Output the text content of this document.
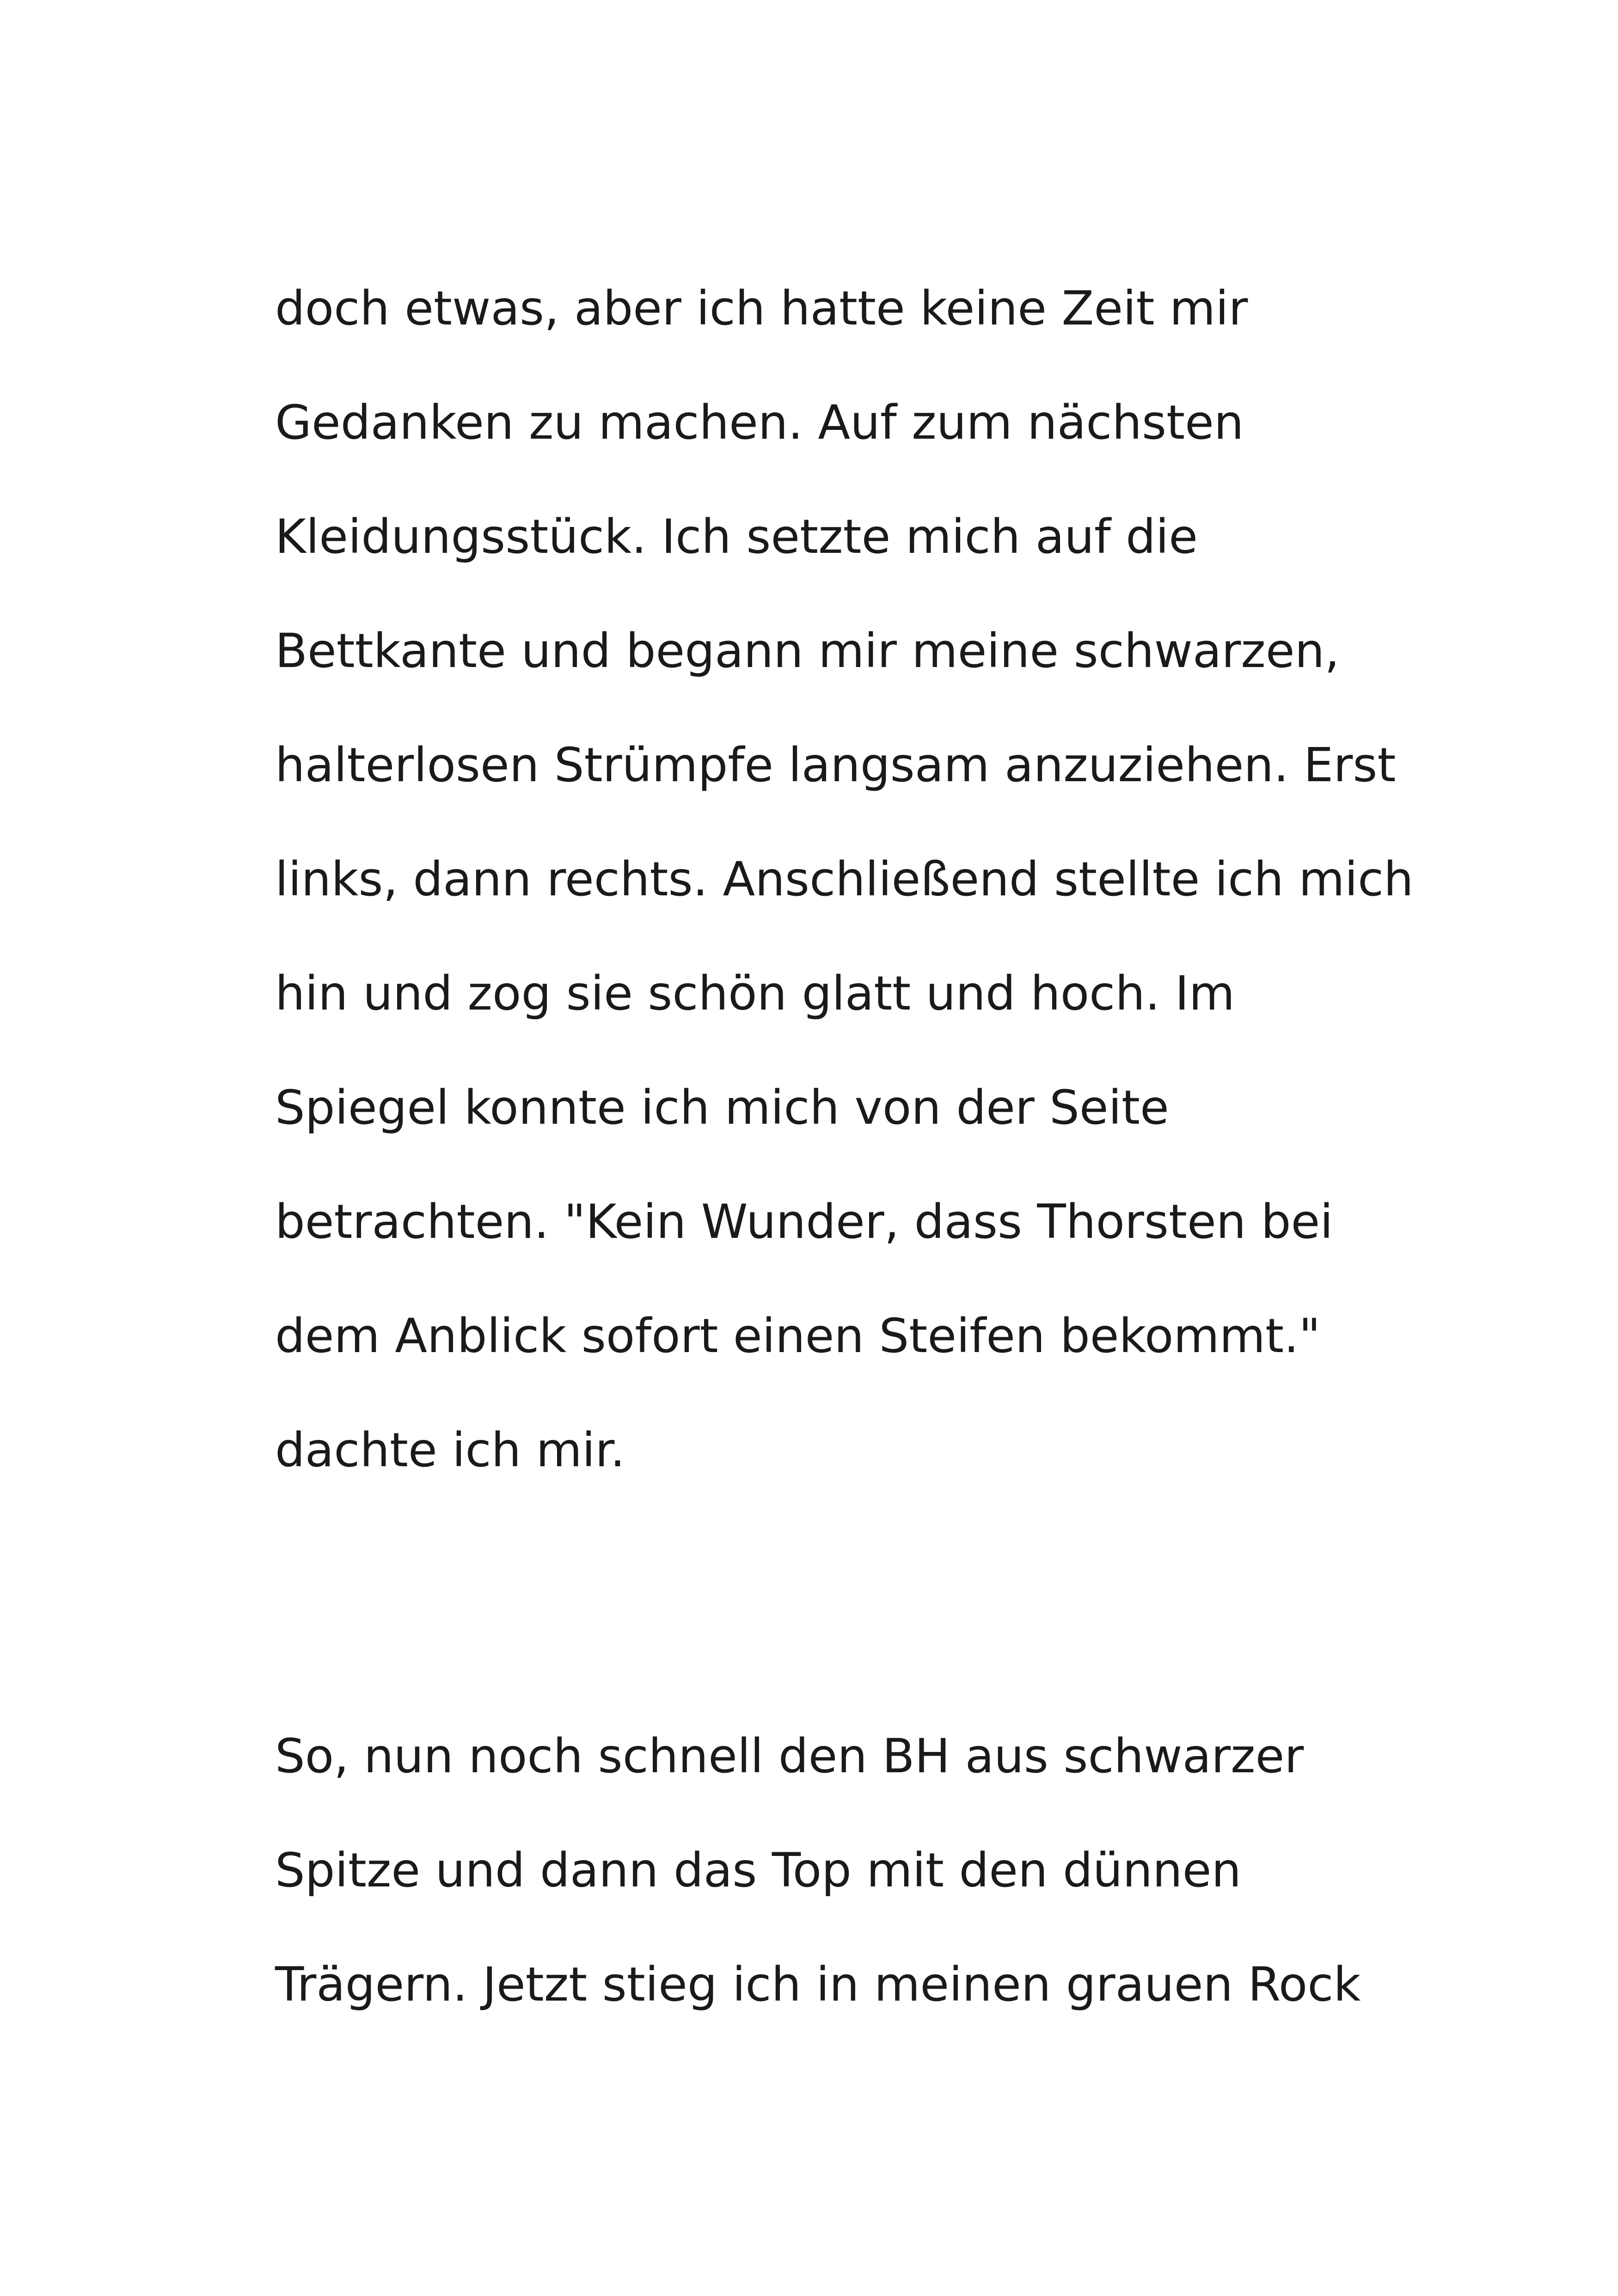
doch etwas, aber ich hatte keine Zeit mir
Gedanken zu machen. Auf zum nächsten
Kleidungsstück. Ich setzte mich auf die
Bettkante und begann mir meine schwarzen,
halterlosen Strümpfe langsam anzuziehen. Erst
links, dann rechts. Anschließend stellte ich mich
hin und zog sie schön glatt und hoch. Im
Spiegel konnte ich mich von der Seite
betrachten. "Kein Wunder, dass Thorsten bei
dem Anblick sofort einen Steifen bekommt."
dachte ich mir.
So, nun noch schnell den BH aus schwarzer
Spitze und dann das Top mit den dünnen
Trägern. Jetzt stieg ich in meinen grauen Rock
